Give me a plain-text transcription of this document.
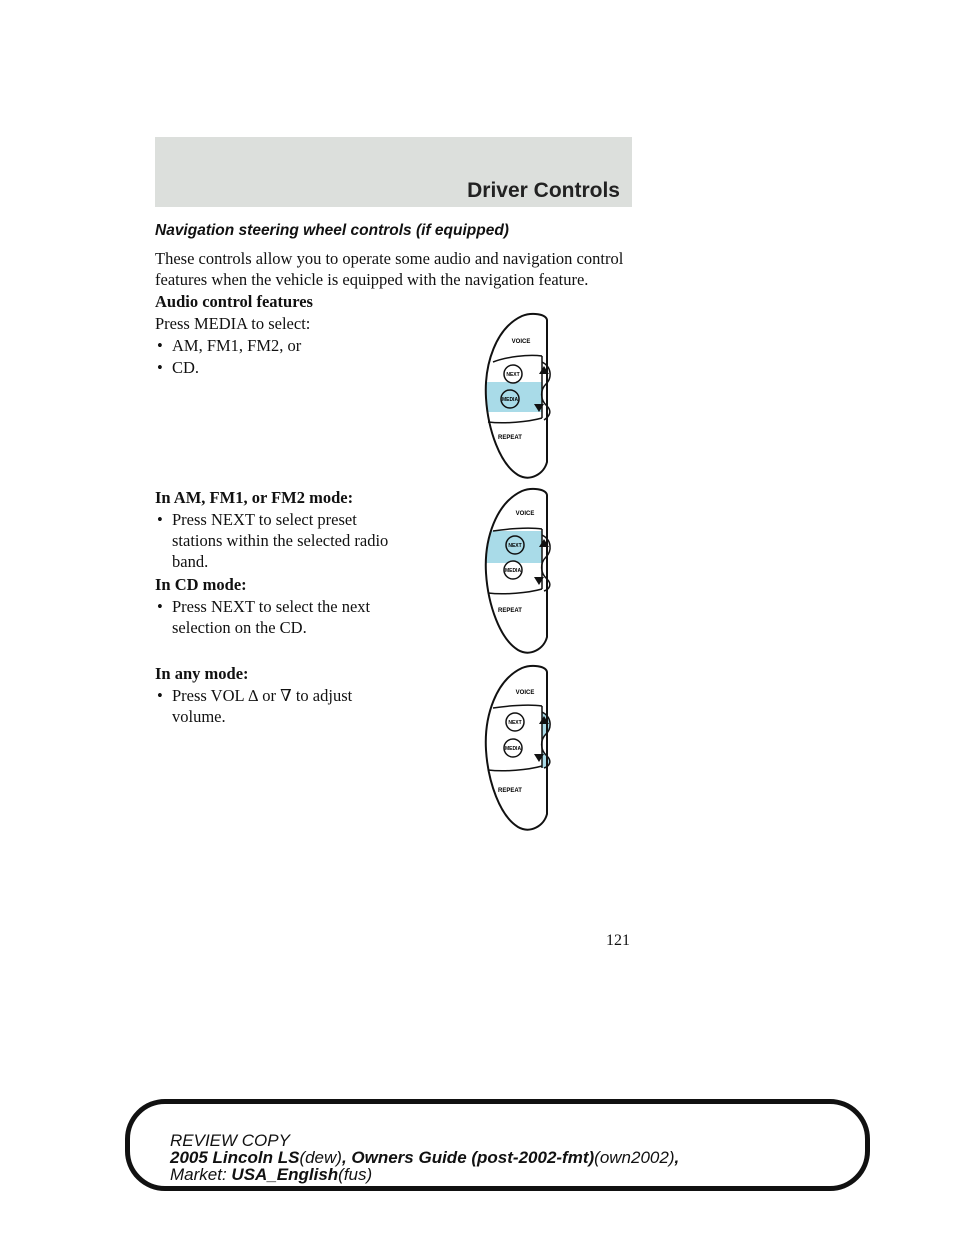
Driver Controls
Navigation steering wheel controls (if equipped)
These controls allow you to operate some audio and navigation control
features when the vehicle is equipped with the navigation feature.
Audio control features
Press MEDIA to select:
• AM, FM1, FM2, or
• CD.
In AM, FM1, or FM2 mode:
• Press NEXT to select preset
stations within the selected radio
band.
In CD mode:
• Press NEXT to select the next
selection on the CD.
In any mode:
• Press VOL ∆ or ∇ to adjust
volume.
VOICE
NEXT
MEDIA
REPEAT
VOICE
NEXT
MEDIA
REPEAT
VOICE
NEXT
MEDIA
REPEAT
121
REVIEW COPY
2005 Lincoln LS(dew), Owners Guide (post-2002-fmt)(own2002),
Market: USA_English(fus)
